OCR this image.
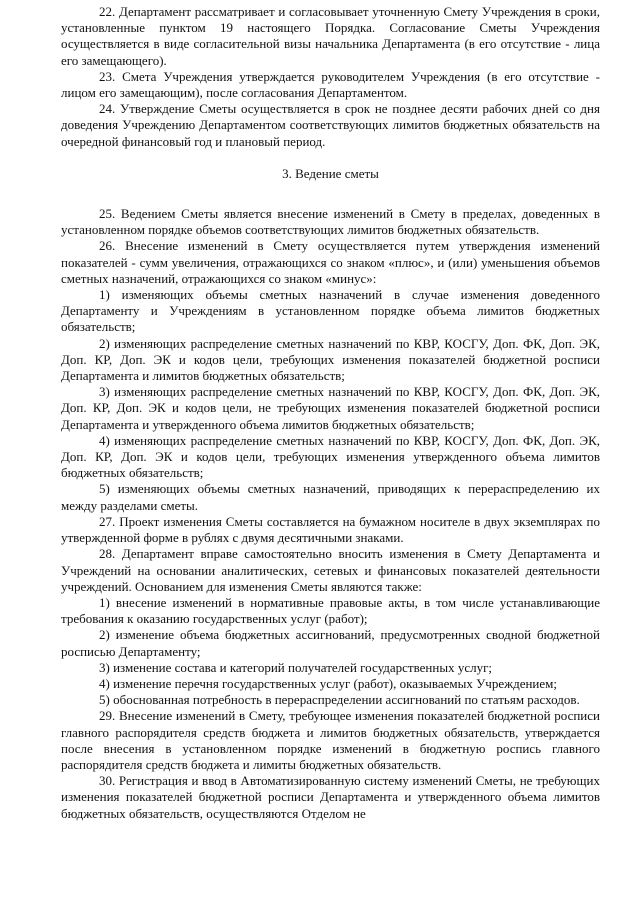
22. Департамент рассматривает и согласовывает уточненную Смету Учреждения в сроки, установленные пунктом 19 настоящего Порядка. Согласование Сметы Учреждения осуществляется в виде согласительной визы начальника Департамента (в его отсутствие - лица его замещающего).

23. Смета Учреждения утверждается руководителем Учреждения (в его отсутствие - лицом его замещающим), после согласования Департаментом.

24. Утверждение Сметы осуществляется в срок не позднее десяти рабочих дней со дня доведения Учреждению Департаментом соответствующих лимитов бюджетных обязательств на очередной финансовый год и плановый период.

3. Ведение сметы

25. Ведением Сметы является внесение изменений в Смету в пределах, доведенных в установленном порядке объемов соответствующих лимитов бюджетных обязательств.

26. Внесение изменений в Смету осуществляется путем утверждения изменений показателей - сумм увеличения, отражающихся со знаком «плюс», и (или) уменьшения объемов сметных назначений, отражающихся со знаком «минус»:

1) изменяющих объемы сметных назначений в случае изменения доведенного Департаменту и Учреждениям в установленном порядке объема лимитов бюджетных обязательств;

2) изменяющих распределение сметных назначений по КВР, КОСГУ, Доп. ФК, Доп. ЭК, Доп. КР, Доп. ЭК и кодов цели, требующих изменения показателей бюджетной росписи Департамента и лимитов бюджетных обязательств;

3) изменяющих распределение сметных назначений по КВР, КОСГУ, Доп. ФК, Доп. ЭК, Доп. КР, Доп. ЭК и кодов цели, не требующих изменения показателей бюджетной росписи Департамента и утвержденного объема лимитов бюджетных обязательств;

4) изменяющих распределение сметных назначений по КВР, КОСГУ, Доп. ФК, Доп. ЭК, Доп. КР, Доп. ЭК и кодов цели, требующих изменения утвержденного объема лимитов бюджетных обязательств;

5) изменяющих объемы сметных назначений, приводящих к перераспределению их между разделами сметы.

27. Проект изменения Сметы составляется на бумажном носителе в двух экземплярах по утвержденной форме в рублях с двумя десятичными знаками.

28. Департамент вправе самостоятельно вносить изменения в Смету Департамента и Учреждений на основании аналитических, сетевых и финансовых показателей деятельности учреждений. Основанием для изменения Сметы являются также:

1) внесение изменений в нормативные правовые акты, в том числе устанавливающие требования к оказанию государственных услуг (работ);

2) изменение объема бюджетных ассигнований, предусмотренных сводной бюджетной росписью Департаменту;

3) изменение состава и категорий получателей государственных услуг;

4) изменение перечня государственных услуг (работ), оказываемых Учреждением;

5) обоснованная потребность в перераспределении ассигнований по статьям расходов.

29. Внесение изменений в Смету, требующее изменения показателей бюджетной росписи главного распорядителя средств бюджета и лимитов бюджетных обязательств, утверждается после внесения в установленном порядке изменений в бюджетную роспись главного распорядителя средств бюджета и лимиты бюджетных обязательств.

30. Регистрация и ввод в Автоматизированную систему изменений Сметы, не требующих изменения показателей бюджетной росписи Департамента и утвержденного объема лимитов бюджетных обязательств, осуществляются Отделом не
